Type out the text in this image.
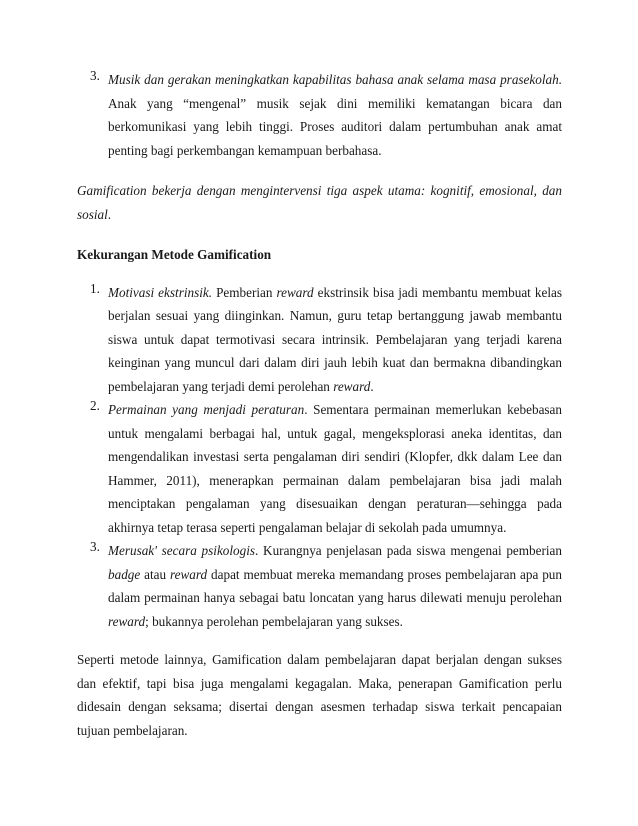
3. Musik dan gerakan meningkatkan kapabilitas bahasa anak selama masa prasekolah. Anak yang “mengenal” musik sejak dini memiliki kematangan bicara dan berkomunikasi yang lebih tinggi. Proses auditori dalam pertumbuhan anak amat penting bagi perkembangan kemampuan berbahasa.

Gamification bekerja dengan mengintervensi tiga aspek utama: kognitif, emosional, dan sosial.

Kekurangan Metode Gamification
1. Motivasi ekstrinsik. Pemberian reward ekstrinsik bisa jadi membantu membuat kelas berjalan sesuai yang diinginkan. Namun, guru tetap bertanggung jawab membantu siswa untuk dapat termotivasi secara intrinsik. Pembelajaran yang terjadi karena keinginan yang muncul dari dalam diri jauh lebih kuat dan bermakna dibandingkan pembelajaran yang terjadi demi perolehan reward.

2. Permainan yang menjadi peraturan. Sementara permainan memerlukan kebebasan untuk mengalami berbagai hal, untuk gagal, mengeksplorasi aneka identitas, dan mengendalikan investasi serta pengalaman diri sendiri (Klopfer, dkk dalam Lee dan Hammer, 2011), menerapkan permainan dalam pembelajaran bisa jadi malah menciptakan pengalaman yang disesuaikan dengan peraturan—sehingga pada akhirnya tetap terasa seperti pengalaman belajar di sekolah pada umumnya.

3. Merusak' secara psikologis. Kurangnya penjelasan pada siswa mengenai pemberian badge atau reward dapat membuat mereka memandang proses pembelajaran apa pun dalam permainan hanya sebagai batu loncatan yang harus dilewati menuju perolehan reward; bukannya perolehan pembelajaran yang sukses.

Seperti metode lainnya, Gamification dalam pembelajaran dapat berjalan dengan sukses dan efektif, tapi bisa juga mengalami kegagalan. Maka, penerapan Gamification perlu didesain dengan seksama; disertai dengan asesmen terhadap siswa terkait pencapaian tujuan pembelajaran.
